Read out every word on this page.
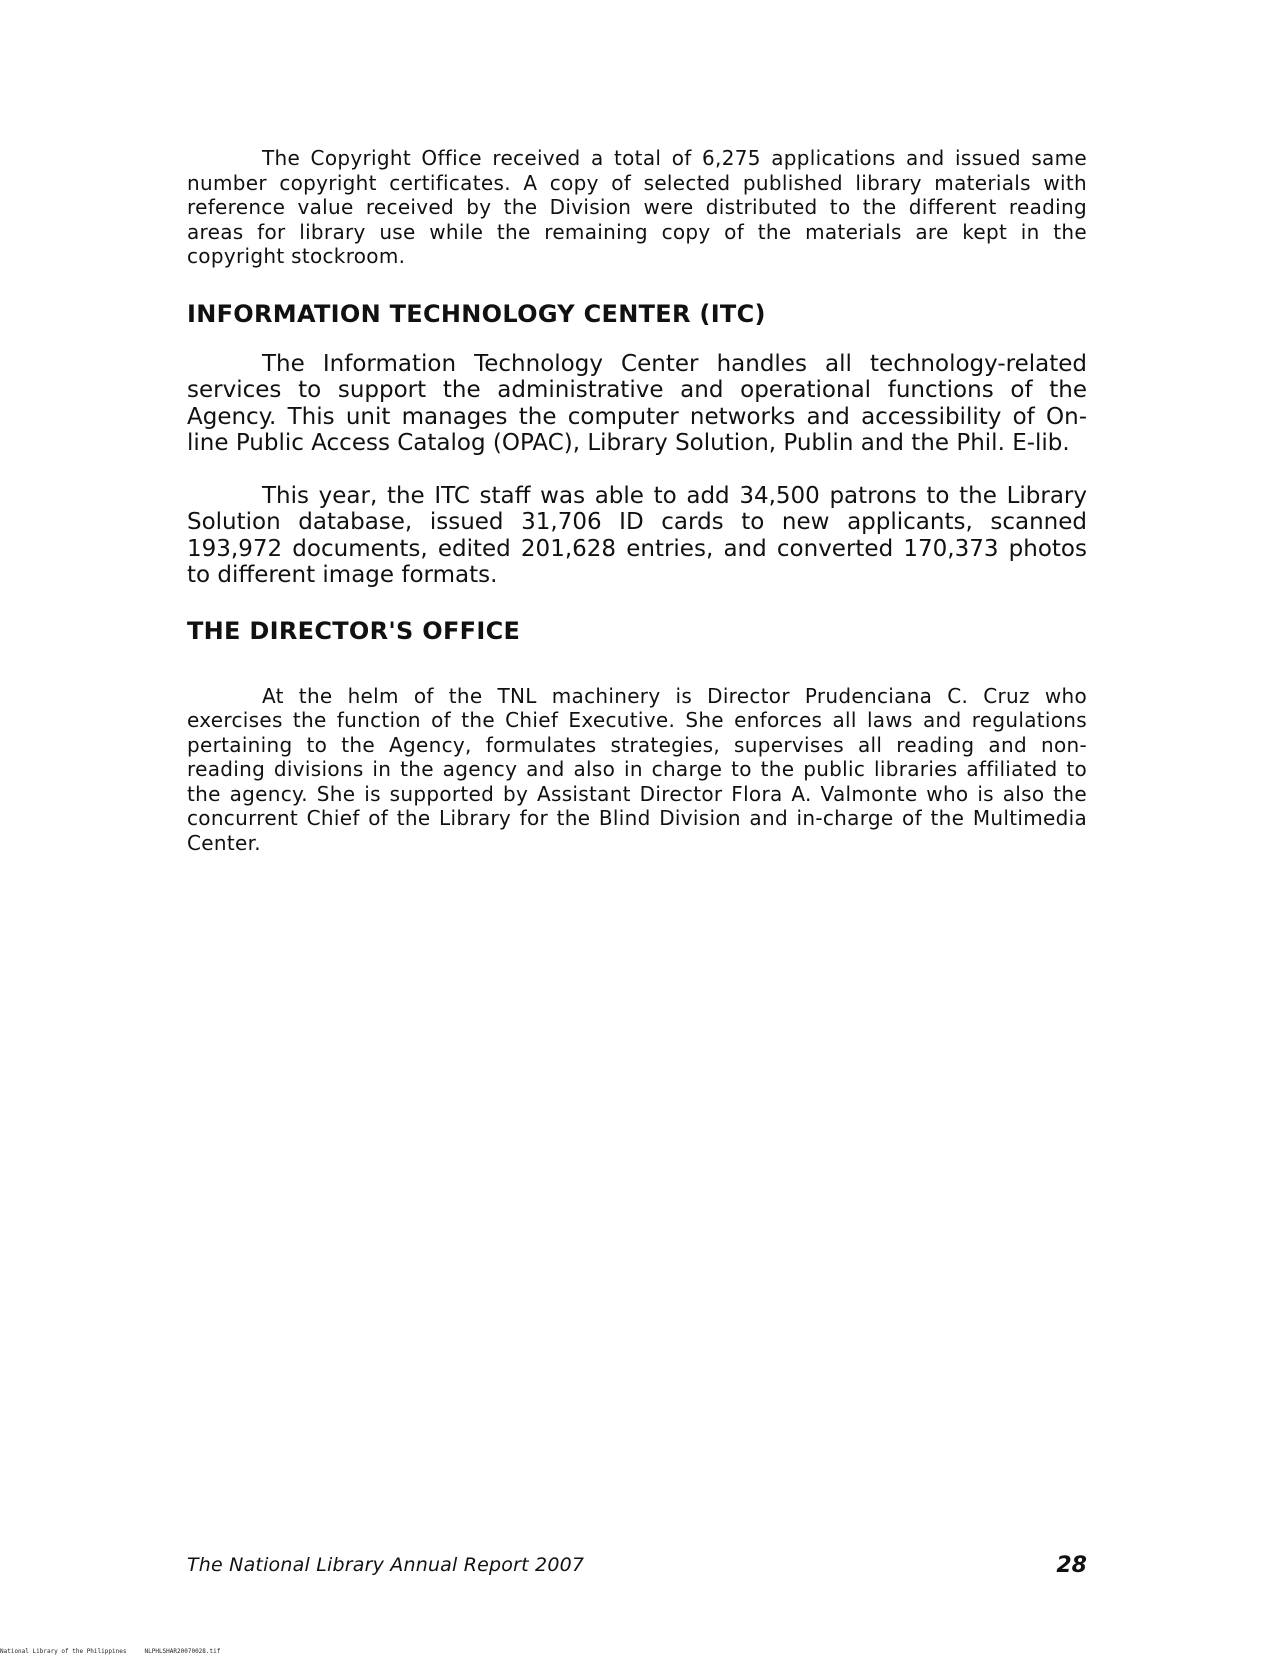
The Copyright Office received a total of 6,275 applications and issued same number copyright certificates. A copy of selected published library materials with reference value received by the Division were distributed to the different reading areas for library use while the remaining copy of the materials are kept in the copyright stockroom.

INFORMATION TECHNOLOGY CENTER (ITC)

The Information Technology Center handles all technology-related services to support the administrative and operational functions of the Agency. This unit manages the computer networks and accessibility of On-line Public Access Catalog (OPAC), Library Solution, Publin and the Phil. E-lib.

This year, the ITC staff was able to add 34,500 patrons to the Library Solution database, issued 31,706 ID cards to new applicants, scanned 193,972 documents, edited 201,628 entries, and converted 170,373 photos to different image formats.

THE DIRECTOR'S OFFICE

At the helm of the TNL machinery is Director Prudenciana C. Cruz who exercises the function of the Chief Executive. She enforces all laws and regulations pertaining to the Agency, formulates strategies, supervises all reading and non-reading divisions in the agency and also in charge to the public libraries affiliated to the agency. She is supported by Assistant Director Flora A. Valmonte who is also the concurrent Chief of the Library for the Blind Division and in-charge of the Multimedia Center.

The National Library Annual Report 2007	28
National Library of the Philippines	NLPHLSHAR20070028.tif
